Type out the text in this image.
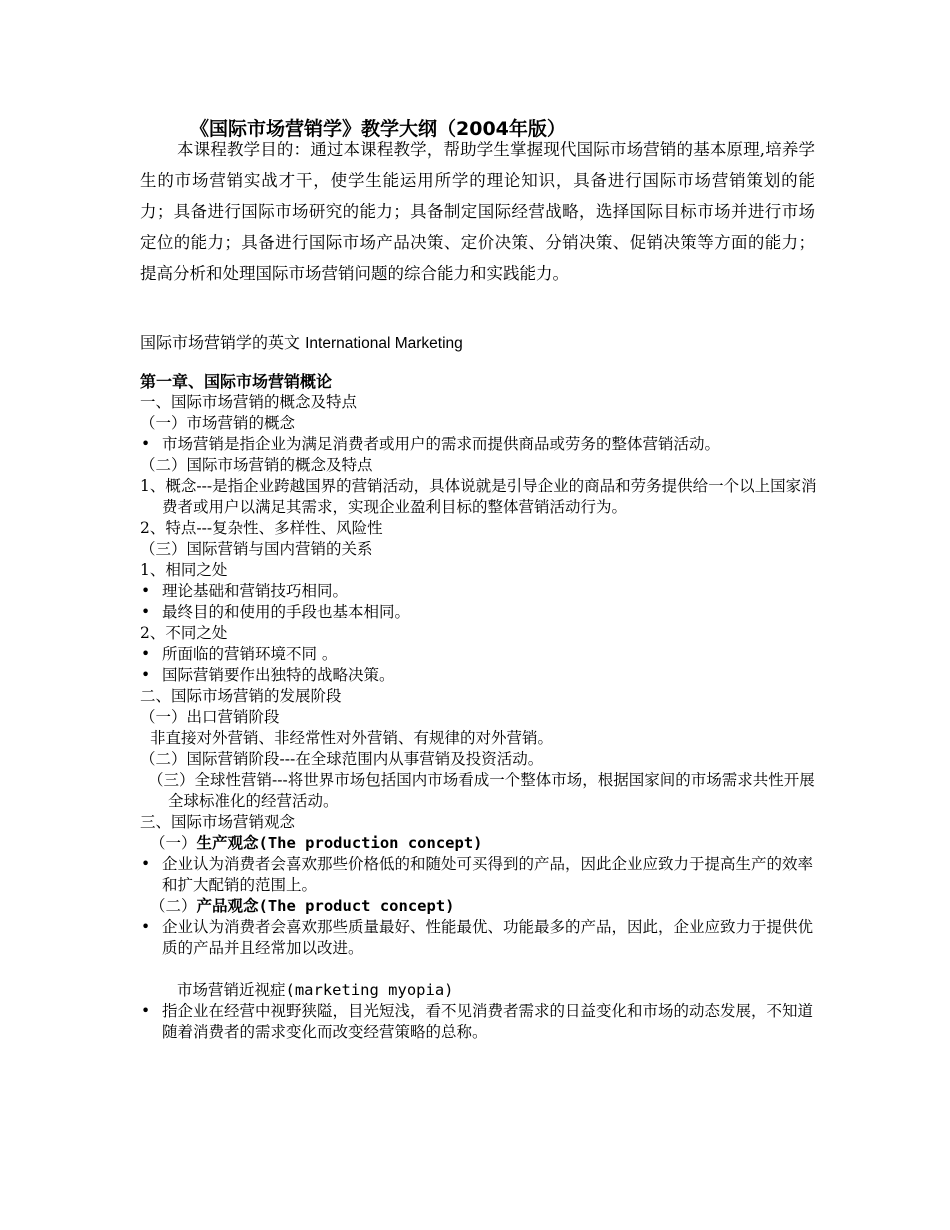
《国际市场营销学》教学大纲（2004年版）
本课程教学目的：通过本课程教学，帮助学生掌握现代国际市场营销的基本原理,培养学生的市场营销实战才干，使学生能运用所学的理论知识，具备进行国际市场营销策划的能力；具备进行国际市场研究的能力；具备制定国际经营战略，选择国际目标市场并进行市场定位的能力；具备进行国际市场产品决策、定价决策、分销决策、促销决策等方面的能力；提高分析和处理国际市场营销问题的综合能力和实践能力。
国际市场营销学的英文 International Marketing
第一章、国际市场营销概论
一、国际市场营销的概念及特点
（一）市场营销的概念
• 市场营销是指企业为满足消费者或用户的需求而提供商品或劳务的整体营销活动。
（二）国际市场营销的概念及特点
1、概念---是指企业跨越国界的营销活动，具体说就是引导企业的商品和劳务提供给一个以上国家消费者或用户以满足其需求，实现企业盈利目标的整体营销活动行为。
2、特点---复杂性、多样性、风险性
（三）国际营销与国内营销的关系
1、相同之处
• 理论基础和营销技巧相同。
• 最终目的和使用的手段也基本相同。
2、不同之处
• 所面临的营销环境不同 。
• 国际营销要作出独特的战略决策。
二、国际市场营销的发展阶段
（一）出口营销阶段
非直接对外营销、非经常性对外营销、有规律的对外营销。
（二）国际营销阶段---在全球范围内从事营销及投资活动。
（三）全球性营销---将世界市场包括国内市场看成一个整体市场，根据国家间的市场需求共性开展全球标准化的经营活动。
三、国际市场营销观念
（一）生产观念(The production concept)
• 企业认为消费者会喜欢那些价格低的和随处可买得到的产品，因此企业应致力于提高生产的效率和扩大配销的范围上。
（二）产品观念(The product concept)
• 企业认为消费者会喜欢那些质量最好、性能最优、功能最多的产品，因此，企业应致力于提供优质的产品并且经常加以改进。
市场营销近视症(marketing myopia)
• 指企业在经营中视野狭隘，目光短浅，看不见消费者需求的日益变化和市场的动态发展，不知道随着消费者的需求变化而改变经营策略的总称。
